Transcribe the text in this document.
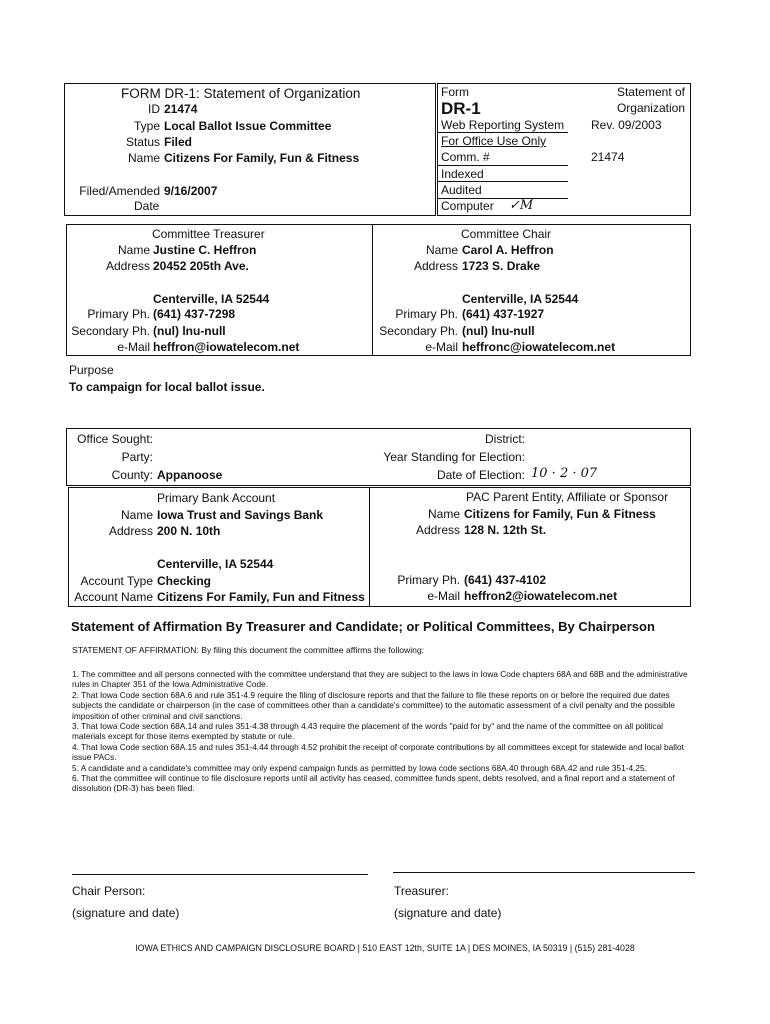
FORM DR-1: Statement of Organization
ID 21474
Type Local Ballot Issue Committee
Status Filed
Name Citizens For Family, Fun & Fitness
Filed/Amended 9/16/2007
Date
Form	Statement of
DR-1	Organization
Web Reporting System Rev. 09/2003
For Office Use Only
Comm. #	21474
Indexed
Audited
Computer ✓M
Committee Treasurer
Name Justine C. Heffron
Address 20452 205th Ave.
Centerville, IA 52544
Primary Ph. (641) 437-7298
Secondary Ph. (nul) lnu-null
e-Mail heffron@iowatelecom.net
Committee Chair
Name Carol A. Heffron
Address 1723 S. Drake
Centerville, IA 52544
Primary Ph. (641) 437-1927
Secondary Ph. (nul) lnu-null
e-Mail heffronc@iowatelecom.net
Purpose
To campaign for local ballot issue.
Office Sought:
Party:
County: Appanoose
District:
Year Standing for Election:
Date of Election: 10 · 2 · 07
Primary Bank Account
Name Iowa Trust and Savings Bank
Address 200 N. 10th
Centerville, IA 52544
Account Type Checking
Account Name Citizens For Family, Fun and Fitness
PAC Parent Entity, Affiliate or Sponsor
Name Citizens for Family, Fun & Fitness
Address 128 N. 12th St.
Primary Ph. (641) 437-4102
e-Mail heffron2@iowatelecom.net
Statement of Affirmation By Treasurer and Candidate; or Political Committees, By Chairperson
STATEMENT OF AFFIRMATION: By filing this document the committee affirms the following:

1. The committee and all persons connected with the committee understand that they are subject to the laws in Iowa Code chapters 68A and 68B and the administrative rules in Chapter 351 of the Iowa Administrative Code.

2. That Iowa Code section 68A.6 and rule 351-4.9 require the filing of disclosure reports and that the failure to file these reports on or before the required due dates subjects the candidate or chairperson (in the case of committees other than a candidate's committee) to the automatic assessment of a civil penalty and the possible imposition of other criminal and civil sanctions.

3. That Iowa Code section 68A.14 and rules 351-4.38 through 4.43 require the placement of the words "paid for by" and the name of the committee on all political materials except for those items exempted by statute or rule.

4. That Iowa Code section 68A.15 and rules 351-4.44 through 4.52 prohibit the receipt of corporate contributions by all committees except for statewide and local ballot issue PACs.

5. A candidate and a candidate's committee may only expend campaign funds as permitted by Iowa code sections 68A.40 through 68A.42 and rule 351-4.25.

6. That the committee will continue to file disclosure reports until all activity has ceased, committee funds spent, debts resolved, and a final report and a statement of dissolution (DR-3) has been filed.

Chair Person:
(signature and date)
Treasurer:
(signature and date)
IOWA ETHICS AND CAMPAIGN DISCLOSURE BOARD | 510 EAST 12th, SUITE 1A | DES MOINES, IA 50319 | (515) 281-4028
